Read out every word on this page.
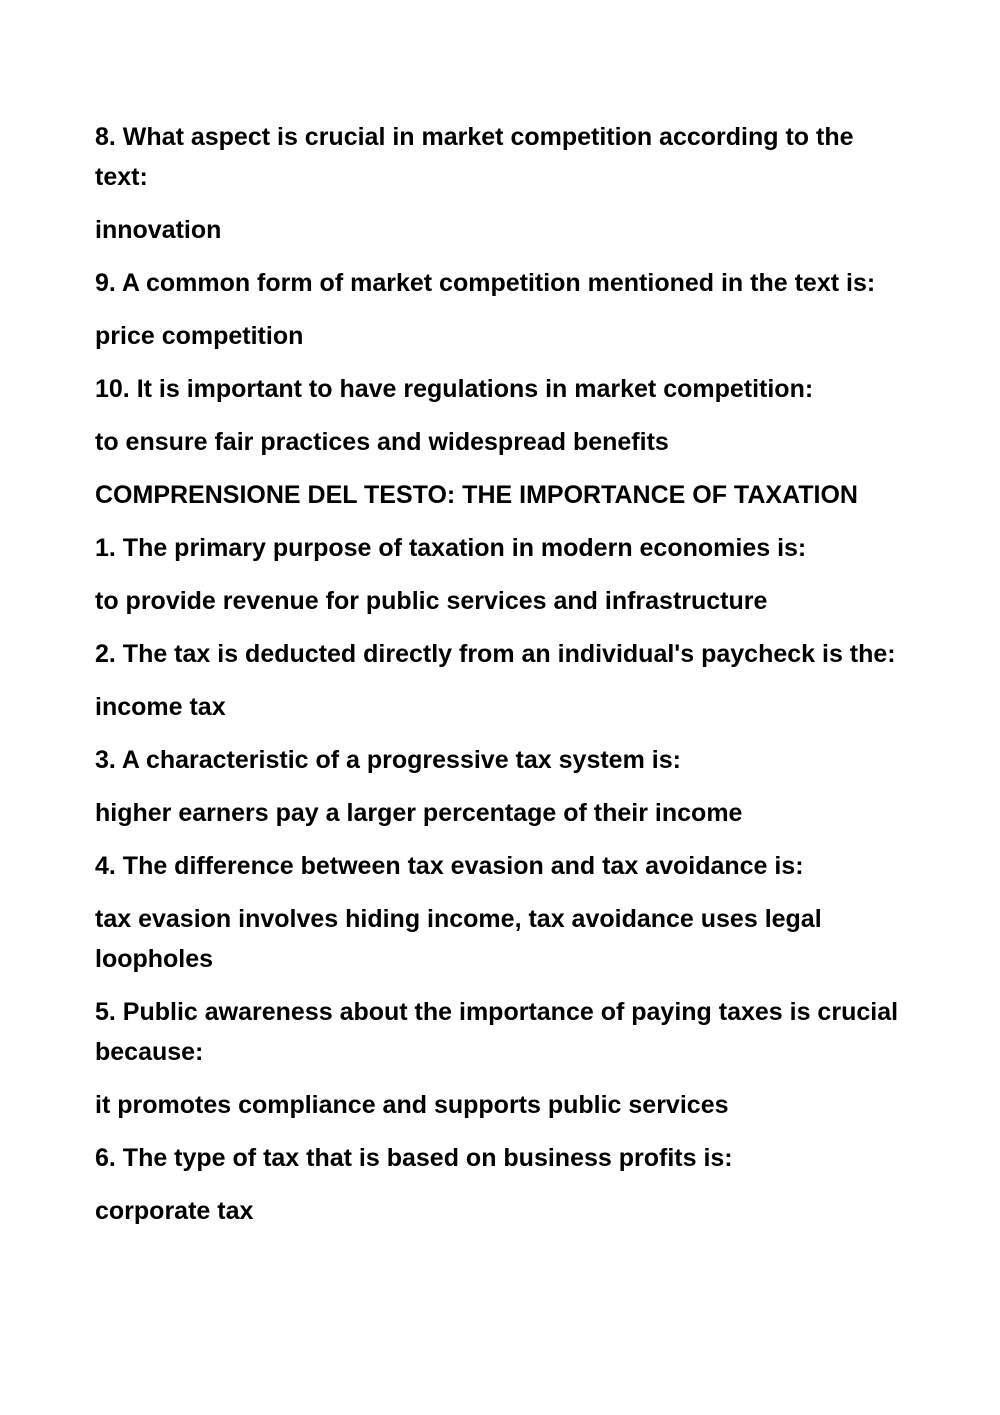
8. What aspect is crucial in market competition according to the text:

innovation

9. A common form of market competition mentioned in the text is:

price competition

10. It is important to have regulations in market competition:

to ensure fair practices and widespread benefits

COMPRENSIONE DEL TESTO: THE IMPORTANCE OF TAXATION

1. The primary purpose of taxation in modern economies is:

to provide revenue for public services and infrastructure

2. The tax is deducted directly from an individual's paycheck is the:

income tax

3. A characteristic of a progressive tax system is:

higher earners pay a larger percentage of their income

4. The difference between tax evasion and tax avoidance is:

tax evasion involves hiding income, tax avoidance uses legal loopholes

5. Public awareness about the importance of paying taxes is crucial because:

it promotes compliance and supports public services

6. The type of tax that is based on business profits is:

corporate tax
